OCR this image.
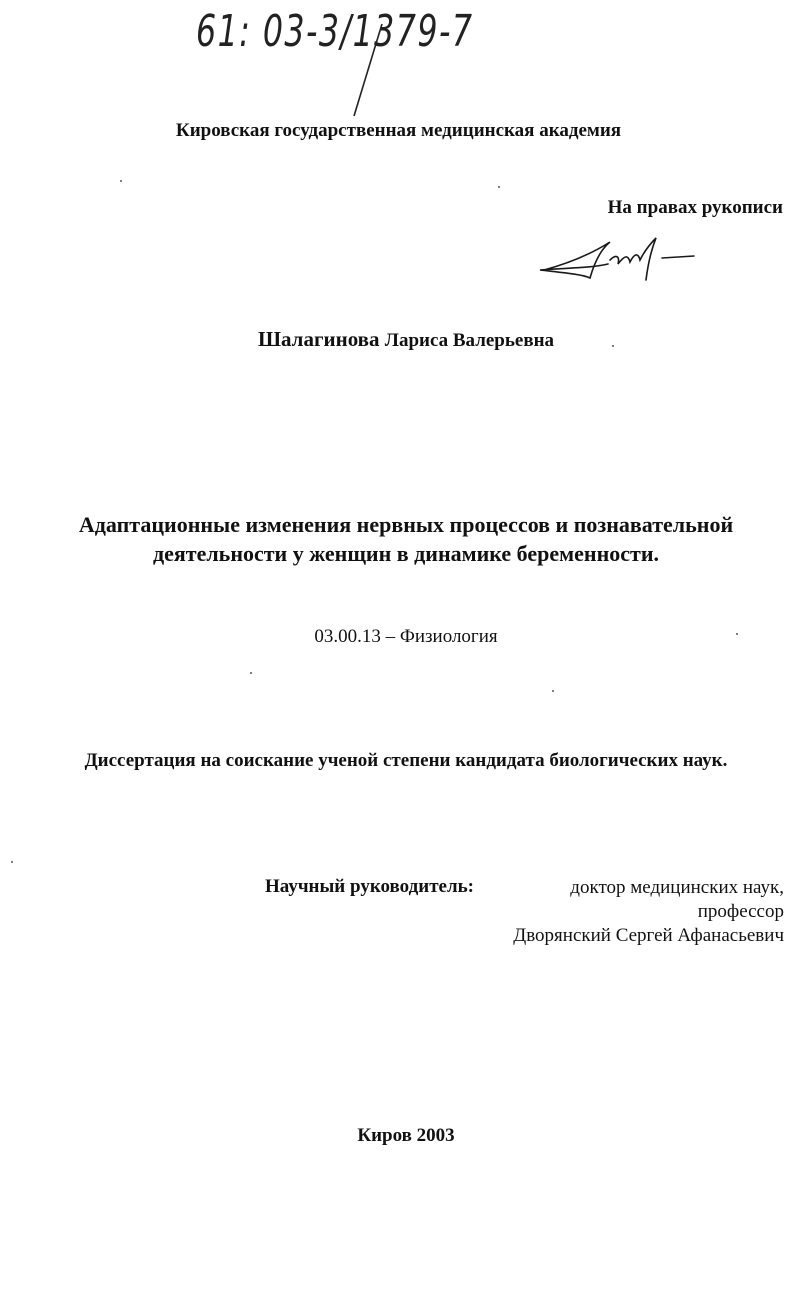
61: 03-3/1379-7
Кировская государственная медицинская академия
На правах рукописи
Шалагинова Лариса Валерьевна
Адаптационные изменения нервных процессов и познавательной
деятельности у женщин в динамике беременности.
03.00.13 – Физиология
Диссертация на соискание ученой степени кандидата биологических наук.
Научный руководитель:	доктор медицинских наук,
профессор
Дворянский Сергей Афанасьевич
Киров 2003
